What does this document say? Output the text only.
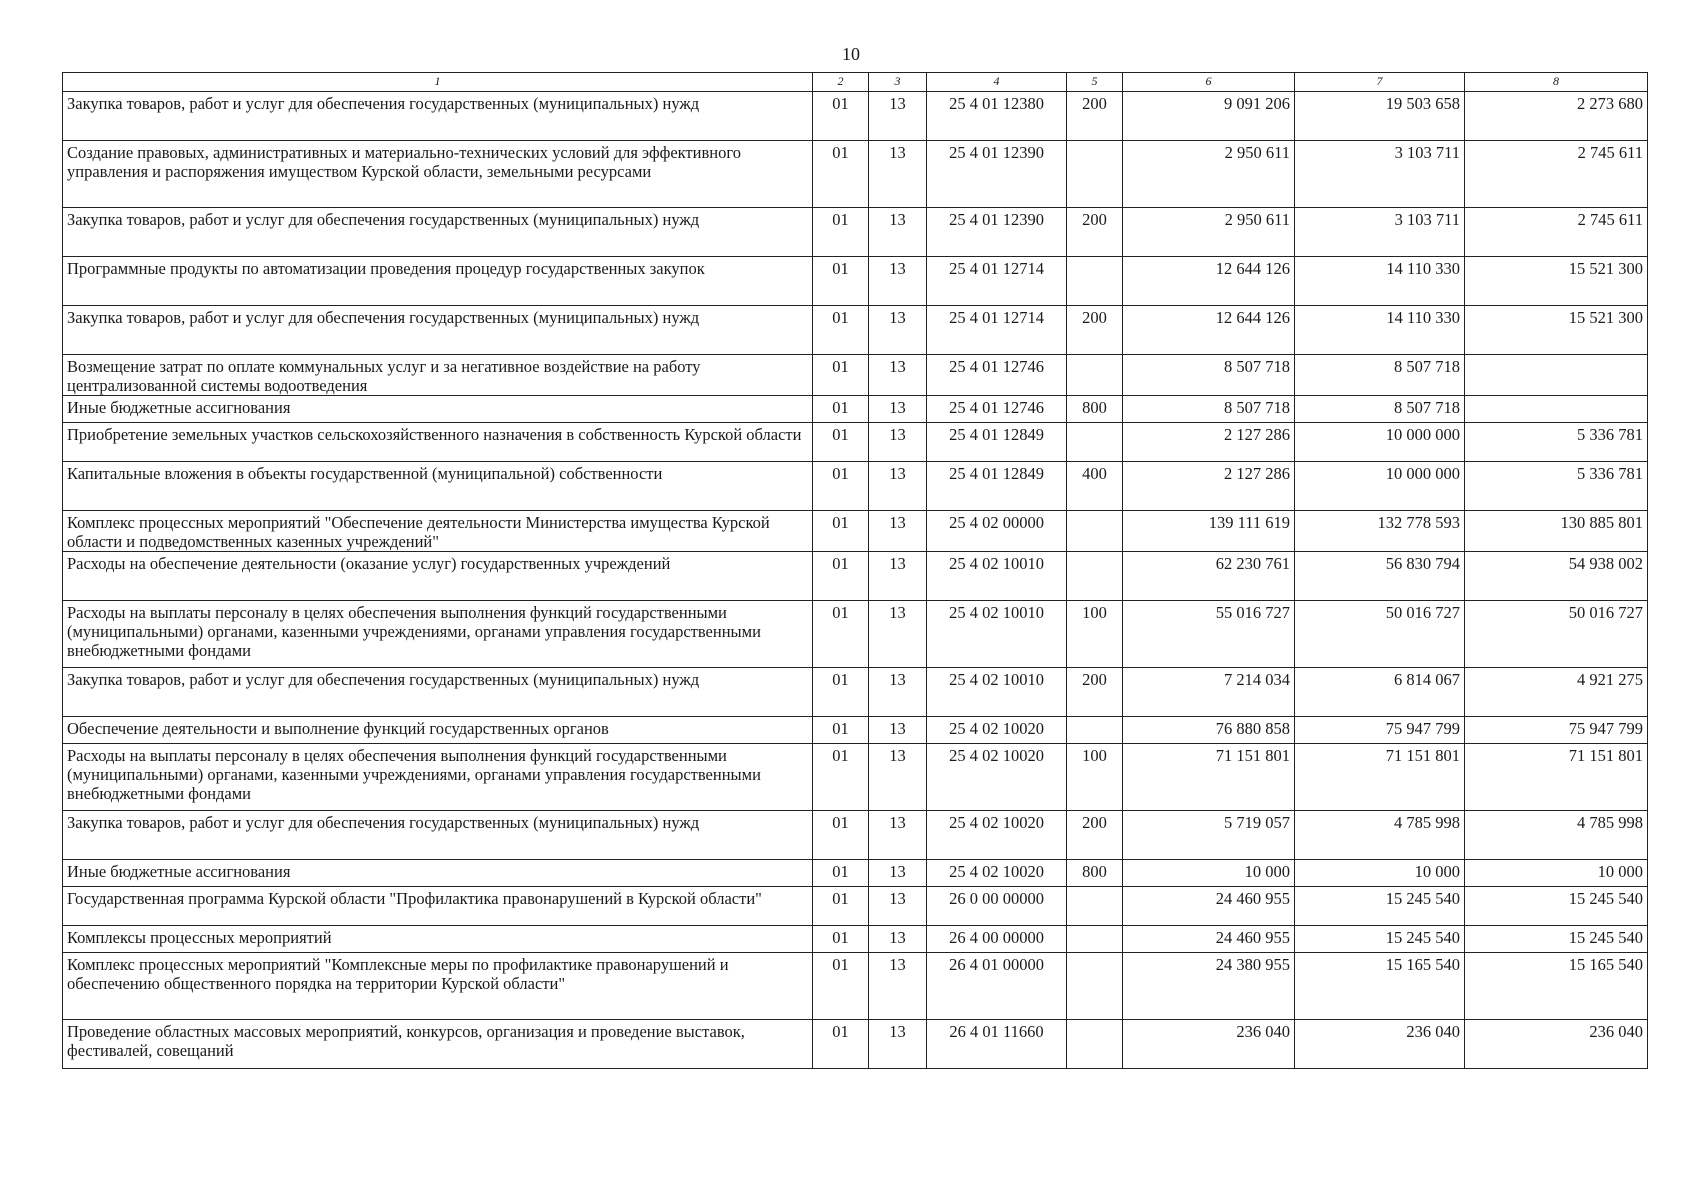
10
1	2	3	4	5	6	7	8
Закупка товаров, работ и услуг для обеспечения государственных (муниципальных) нужд	01	13	25 4 01 12380	200	9 091 206	19 503 658	2 273 680
Создание правовых, административных и материально-технических условий для эффективного управления и распоряжения имуществом Курской области, земельными ресурсами	01	13	25 4 01 12390		2 950 611	3 103 711	2 745 611
Закупка товаров, работ и услуг для обеспечения государственных (муниципальных) нужд	01	13	25 4 01 12390	200	2 950 611	3 103 711	2 745 611
Программные продукты по автоматизации проведения процедур государственных закупок	01	13	25 4 01 12714		12 644 126	14 110 330	15 521 300
Закупка товаров, работ и услуг для обеспечения государственных (муниципальных) нужд	01	13	25 4 01 12714	200	12 644 126	14 110 330	15 521 300
Возмещение затрат по оплате коммунальных услуг и за негативное воздействие на работу централизованной системы водоотведения	01	13	25 4 01 12746		8 507 718	8 507 718	
Иные бюджетные ассигнования	01	13	25 4 01 12746	800	8 507 718	8 507 718	
Приобретение земельных участков сельскохозяйственного назначения в собственность Курской области	01	13	25 4 01 12849		2 127 286	10 000 000	5 336 781
Капитальные вложения в объекты государственной (муниципальной) собственности	01	13	25 4 01 12849	400	2 127 286	10 000 000	5 336 781
Комплекс процессных мероприятий "Обеспечение деятельности Министерства имущества Курской области и подведомственных казенных учреждений"	01	13	25 4 02 00000		139 111 619	132 778 593	130 885 801
Расходы на обеспечение деятельности (оказание услуг) государственных учреждений	01	13	25 4 02 10010		62 230 761	56 830 794	54 938 002
Расходы на выплаты персоналу в целях обеспечения выполнения функций государственными (муниципальными) органами, казенными учреждениями, органами управления государственными внебюджетными фондами	01	13	25 4 02 10010	100	55 016 727	50 016 727	50 016 727
Закупка товаров, работ и услуг для обеспечения государственных (муниципальных) нужд	01	13	25 4 02 10010	200	7 214 034	6 814 067	4 921 275
Обеспечение деятельности и выполнение функций государственных органов	01	13	25 4 02 10020		76 880 858	75 947 799	75 947 799
Расходы на выплаты персоналу в целях обеспечения выполнения функций государственными (муниципальными) органами, казенными учреждениями, органами управления государственными внебюджетными фондами	01	13	25 4 02 10020	100	71 151 801	71 151 801	71 151 801
Закупка товаров, работ и услуг для обеспечения государственных (муниципальных) нужд	01	13	25 4 02 10020	200	5 719 057	4 785 998	4 785 998
Иные бюджетные ассигнования	01	13	25 4 02 10020	800	10 000	10 000	10 000
Государственная программа Курской области "Профилактика правонарушений в Курской области"	01	13	26 0 00 00000		24 460 955	15 245 540	15 245 540
Комплексы процессных мероприятий	01	13	26 4 00 00000		24 460 955	15 245 540	15 245 540
Комплекс процессных мероприятий "Комплексные меры по профилактике правонарушений и обеспечению общественного порядка на территории Курской области"	01	13	26 4 01 00000		24 380 955	15 165 540	15 165 540
Проведение областных массовых мероприятий, конкурсов, организация и проведение выставок, фестивалей, совещаний	01	13	26 4 01 11660		236 040	236 040	236 040
